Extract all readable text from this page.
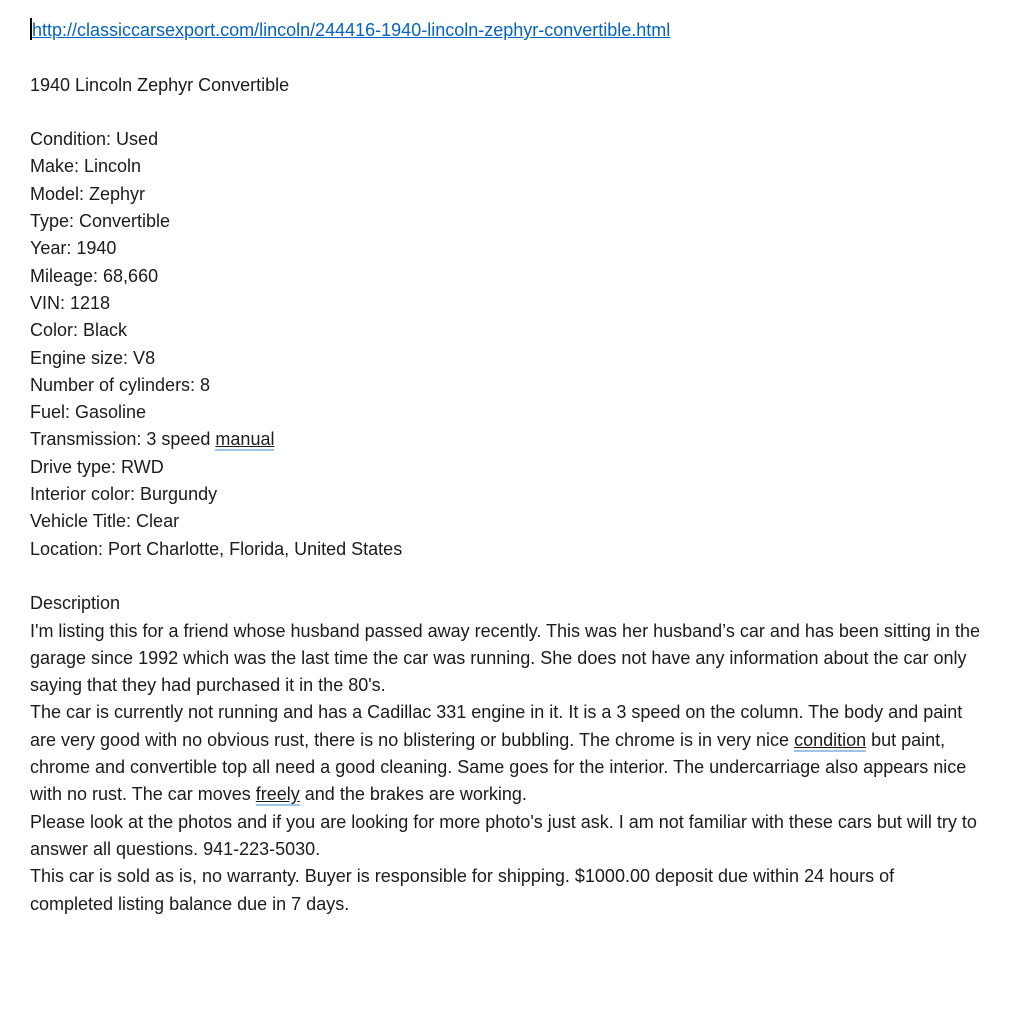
http://classiccarsexport.com/lincoln/244416-1940-lincoln-zephyr-convertible.html

1940 Lincoln Zephyr Convertible

Condition: Used
Make: Lincoln
Model: Zephyr
Type: Convertible
Year: 1940
Mileage: 68,660
VIN: 1218
Color: Black
Engine size: V8
Number of cylinders: 8
Fuel: Gasoline
Transmission: 3 speed manual
Drive type: RWD
Interior color: Burgundy
Vehicle Title: Clear
Location: Port Charlotte, Florida, United States

Description

I'm listing this for a friend whose husband passed away recently. This was her husband’s car and has been sitting in the garage since 1992 which was the last time the car was running. She does not have any information about the car only saying that they had purchased it in the 80's.

The car is currently not running and has a Cadillac 331 engine in it. It is a 3 speed on the column. The body and paint are very good with no obvious rust, there is no blistering or bubbling. The chrome is in very nice condition but paint, chrome and convertible top all need a good cleaning. Same goes for the interior. The undercarriage also appears nice with no rust. The car moves freely and the brakes are working.

Please look at the photos and if you are looking for more photo's just ask. I am not familiar with these cars but will try to answer all questions. 941-223-5030.

This car is sold as is, no warranty. Buyer is responsible for shipping. $1000.00 deposit due within 24 hours of completed listing balance due in 7 days.
